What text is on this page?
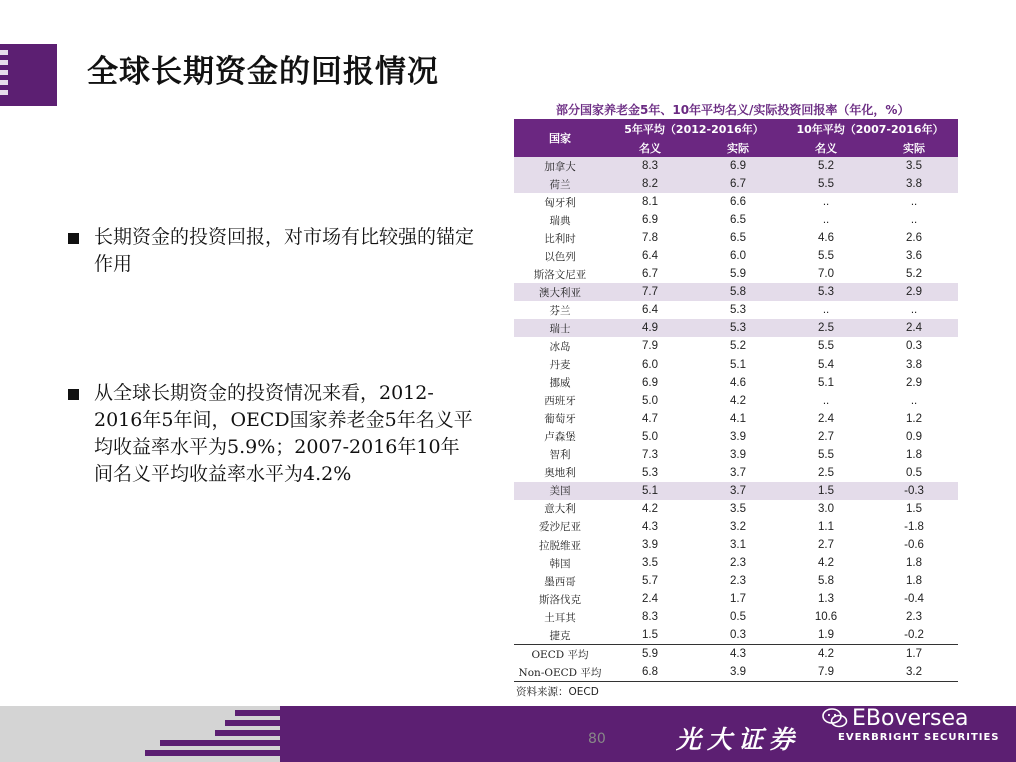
全球长期资金的回报情况
长期资金的投资回报，对市场有比较强的锚定作用
从全球长期资金的投资情况来看，2012-2016年5年间，OECD国家养老金5年名义平均收益率水平为5.9%；2007-2016年10年间名义平均收益率水平为4.2%
部分国家养老金5年、10年平均名义/实际投资回报率（年化，%）
国家	5年平均（2012-2016年）		10年平均（2007-2016年）	
	名义	实际	名义	实际
加拿大	8.3	6.9	5.2	3.5
荷兰	8.2	6.7	5.5	3.8
匈牙利	8.1	6.6	..	..
瑞典	6.9	6.5	..	..
比利时	7.8	6.5	4.6	2.6
以色列	6.4	6.0	5.5	3.6
斯洛文尼亚	6.7	5.9	7.0	5.2
澳大利亚	7.7	5.8	5.3	2.9
芬兰	6.4	5.3	..	..
瑞士	4.9	5.3	2.5	2.4
冰岛	7.9	5.2	5.5	0.3
丹麦	6.0	5.1	5.4	3.8
挪威	6.9	4.6	5.1	2.9
西班牙	5.0	4.2	..	..
葡萄牙	4.7	4.1	2.4	1.2
卢森堡	5.0	3.9	2.7	0.9
智利	7.3	3.9	5.5	1.8
奥地利	5.3	3.7	2.5	0.5
美国	5.1	3.7	1.5	-0.3
意大利	4.2	3.5	3.0	1.5
爱沙尼亚	4.3	3.2	1.1	-1.8
拉脱维亚	3.9	3.1	2.7	-0.6
韩国	3.5	2.3	4.2	1.8
墨西哥	5.7	2.3	5.8	1.8
斯洛伐克	2.4	1.7	1.3	-0.4
土耳其	8.3	0.5	10.6	2.3
捷克	1.5	0.3	1.9	-0.2
OECD 平均	5.9	4.3	4.2	1.7
Non-OECD 平均	6.8	3.9	7.9	3.2
资料来源：OECD
80	光大证券
EBoversea
EVERBRIGHT SECURITIES
